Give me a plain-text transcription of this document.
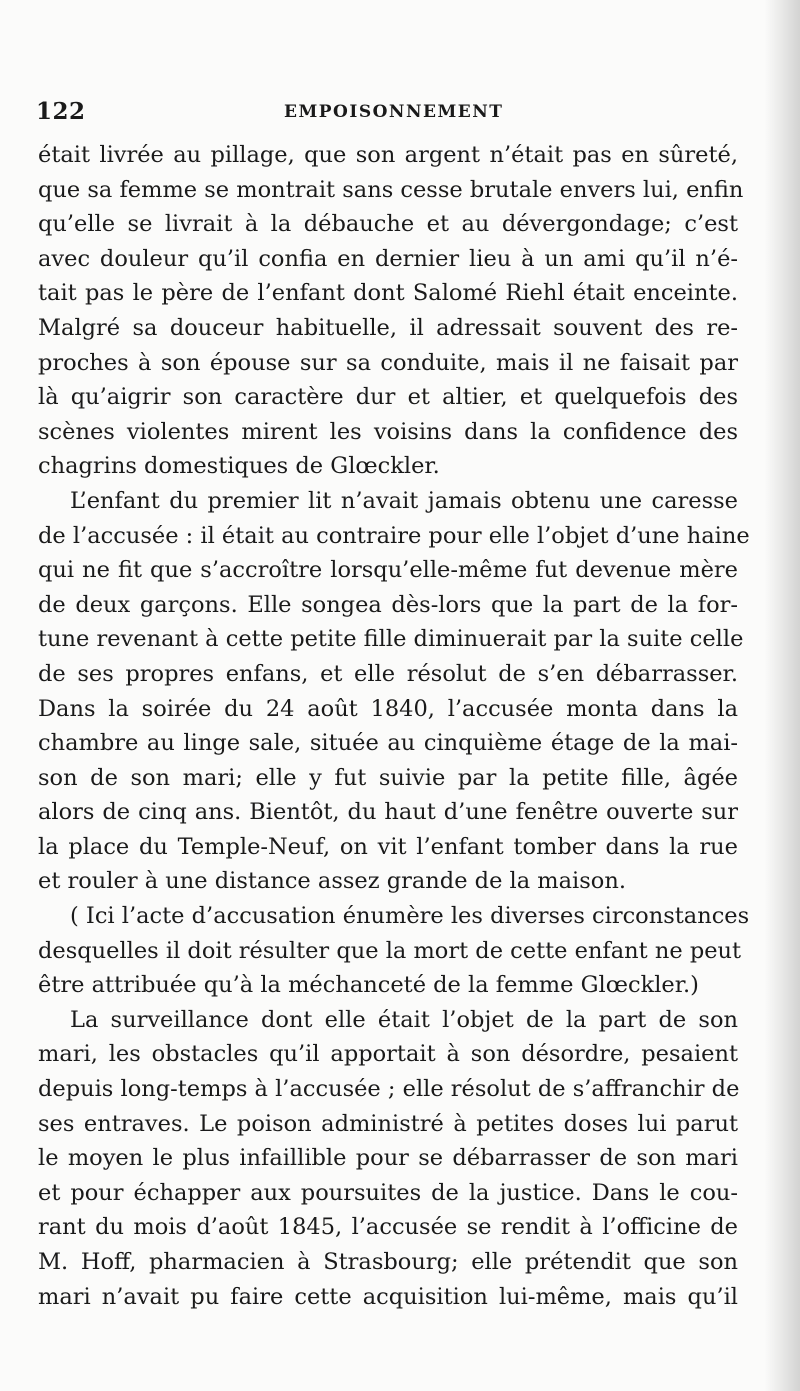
122	EMPOISONNEMENT
était livrée au pillage, que son argent n’était pas en sûreté,
que sa femme se montrait sans cesse brutale envers lui, enfin
qu’elle se livrait à la débauche et au dévergondage; c’est
avec douleur qu’il confia en dernier lieu à un ami qu’il n’é-
tait pas le père de l’enfant dont Salomé Riehl était enceinte.
Malgré sa douceur habituelle, il adressait souvent des re-
proches à son épouse sur sa conduite, mais il ne faisait par
là qu’aigrir son caractère dur et altier, et quelquefois des
scènes violentes mirent les voisins dans la confidence des
chagrins domestiques de Glœckler.
L’enfant du premier lit n’avait jamais obtenu une caresse
de l’accusée : il était au contraire pour elle l’objet d’une haine
qui ne fit que s’accroître lorsqu’elle-même fut devenue mère
de deux garçons. Elle songea dès-lors que la part de la for-
tune revenant à cette petite fille diminuerait par la suite celle
de ses propres enfans, et elle résolut de s’en débarrasser.
Dans la soirée du 24 août 1840, l’accusée monta dans la
chambre au linge sale, située au cinquième étage de la mai-
son de son mari; elle y fut suivie par la petite fille, âgée
alors de cinq ans. Bientôt, du haut d’une fenêtre ouverte sur
la place du Temple-Neuf, on vit l’enfant tomber dans la rue
et rouler à une distance assez grande de la maison.
( Ici l’acte d’accusation énumère les diverses circonstances
desquelles il doit résulter que la mort de cette enfant ne peut
être attribuée qu’à la méchanceté de la femme Glœckler.)
La surveillance dont elle était l’objet de la part de son
mari, les obstacles qu’il apportait à son désordre, pesaient
depuis long-temps à l’accusée ; elle résolut de s’affranchir de
ses entraves. Le poison administré à petites doses lui parut
le moyen le plus infaillible pour se débarrasser de son mari
et pour échapper aux poursuites de la justice. Dans le cou-
rant du mois d’août 1845, l’accusée se rendit à l’officine de
M. Hoff, pharmacien à Strasbourg; elle prétendit que son
mari n’avait pu faire cette acquisition lui-même, mais qu’il
